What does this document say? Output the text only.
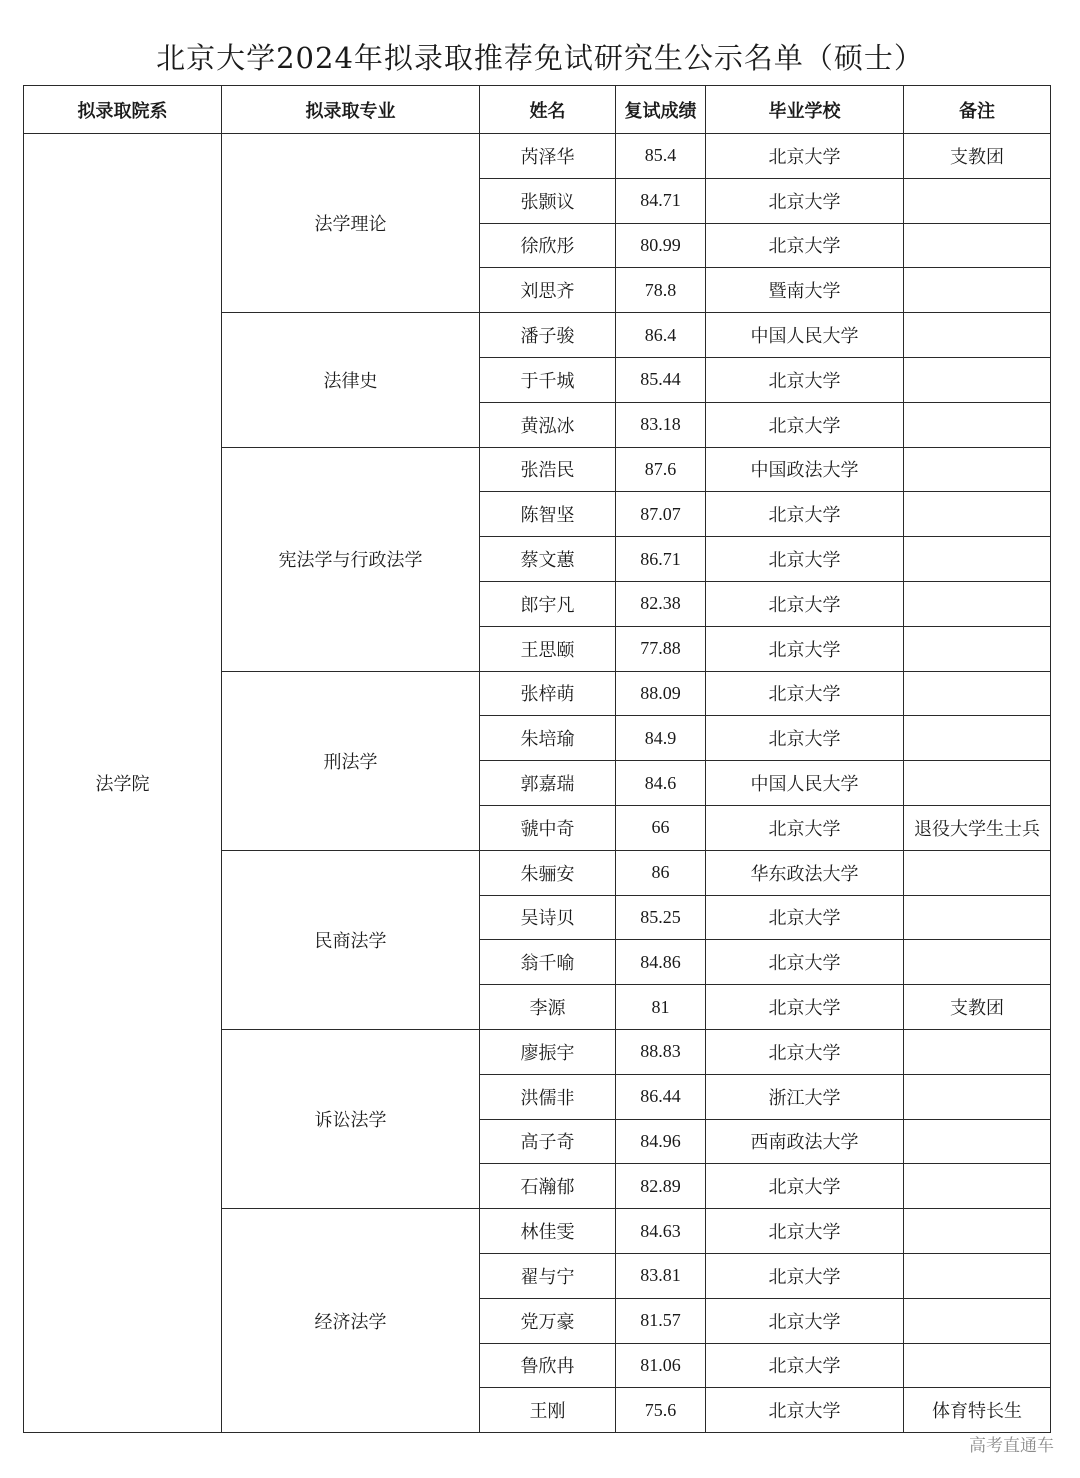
北京大学2024年拟录取推荐免试研究生公示名单（硕士）
拟录取院系	拟录取专业	姓名	复试成绩	毕业学校	备注
法学院	法学理论	芮泽华	85.4	北京大学	支教团
		张颢议	84.71	北京大学	
		徐欣彤	80.99	北京大学	
		刘思齐	78.8	暨南大学	
	法律史	潘子骏	86.4	中国人民大学	
		于千城	85.44	北京大学	
		黄泓冰	83.18	北京大学	
	宪法学与行政法学	张浩民	87.6	中国政法大学	
		陈智坚	87.07	北京大学	
		蔡文蕙	86.71	北京大学	
		郎宇凡	82.38	北京大学	
		王思颐	77.88	北京大学	
	刑法学	张梓萌	88.09	北京大学	
		朱培瑜	84.9	北京大学	
		郭嘉瑞	84.6	中国人民大学	
		虢中奇	66	北京大学	退役大学生士兵
	民商法学	朱骊安	86	华东政法大学	
		吴诗贝	85.25	北京大学	
		翁千喻	84.86	北京大学	
		李源	81	北京大学	支教团
	诉讼法学	廖振宇	88.83	北京大学	
		洪儒非	86.44	浙江大学	
		高子奇	84.96	西南政法大学	
		石瀚郁	82.89	北京大学	
	经济法学	林佳雯	84.63	北京大学	
		翟与宁	83.81	北京大学	
		党万豪	81.57	北京大学	
		鲁欣冉	81.06	北京大学	
		王刚	75.6	北京大学	体育特长生
高考直通车
